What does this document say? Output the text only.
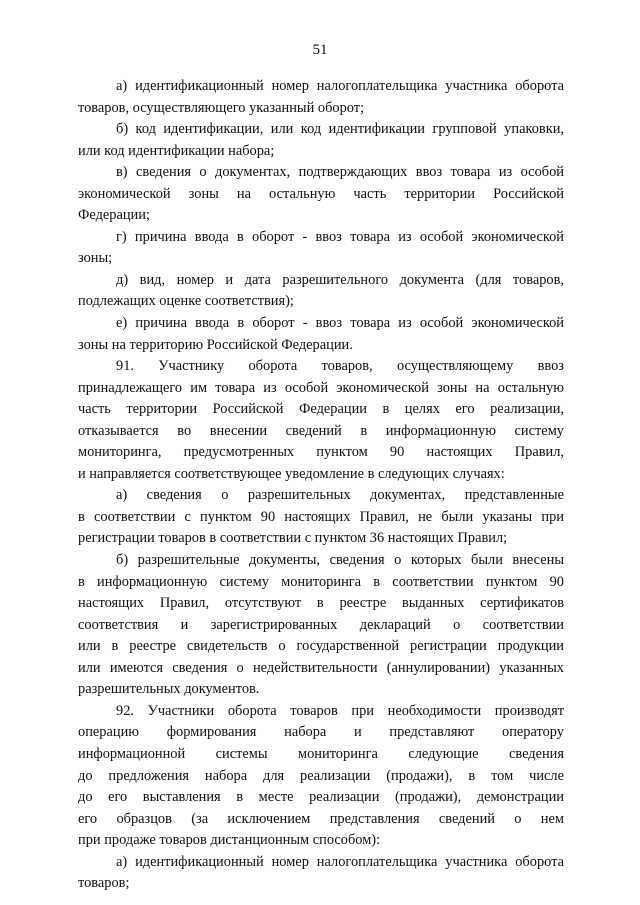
51
а) идентификационный номер налогоплательщика участника оборота
товаров, осуществляющего указанный оборот;
б) код идентификации, или код идентификации групповой упаковки,
или код идентификации набора;
в) сведения о документах, подтверждающих ввоз товара из особой
экономической зоны на остальную часть территории Российской
Федерации;
г) причина ввода в оборот - ввоз товара из особой экономической
зоны;
д) вид, номер и дата разрешительного документа (для товаров,
подлежащих оценке соответствия);
е) причина ввода в оборот - ввоз товара из особой экономической
зоны на территорию Российской Федерации.
91. Участнику оборота товаров, осуществляющему ввоз
принадлежащего им товара из особой экономической зоны на остальную
часть территории Российской Федерации в целях его реализации,
отказывается во внесении сведений в информационную систему
мониторинга, предусмотренных пунктом 90 настоящих Правил,
и направляется соответствующее уведомление в следующих случаях:
а) сведения о разрешительных документах, представленные
в соответствии с пунктом 90 настоящих Правил, не были указаны при
регистрации товаров в соответствии с пунктом 36 настоящих Правил;
б) разрешительные документы, сведения о которых были внесены
в информационную систему мониторинга в соответствии пунктом 90
настоящих Правил, отсутствуют в реестре выданных сертификатов
соответствия и зарегистрированных деклараций о соответствии
или в реестре свидетельств о государственной регистрации продукции
или имеются сведения о недействительности (аннулировании) указанных
разрешительных документов.
92. Участники оборота товаров при необходимости производят
операцию формирования набора и представляют оператору
информационной системы мониторинга следующие сведения
до предложения набора для реализации (продажи), в том числе
до его выставления в месте реализации (продажи), демонстрации
его образцов (за исключением представления сведений о нем
при продаже товаров дистанционным способом):
а) идентификационный номер налогоплательщика участника оборота
товаров;
